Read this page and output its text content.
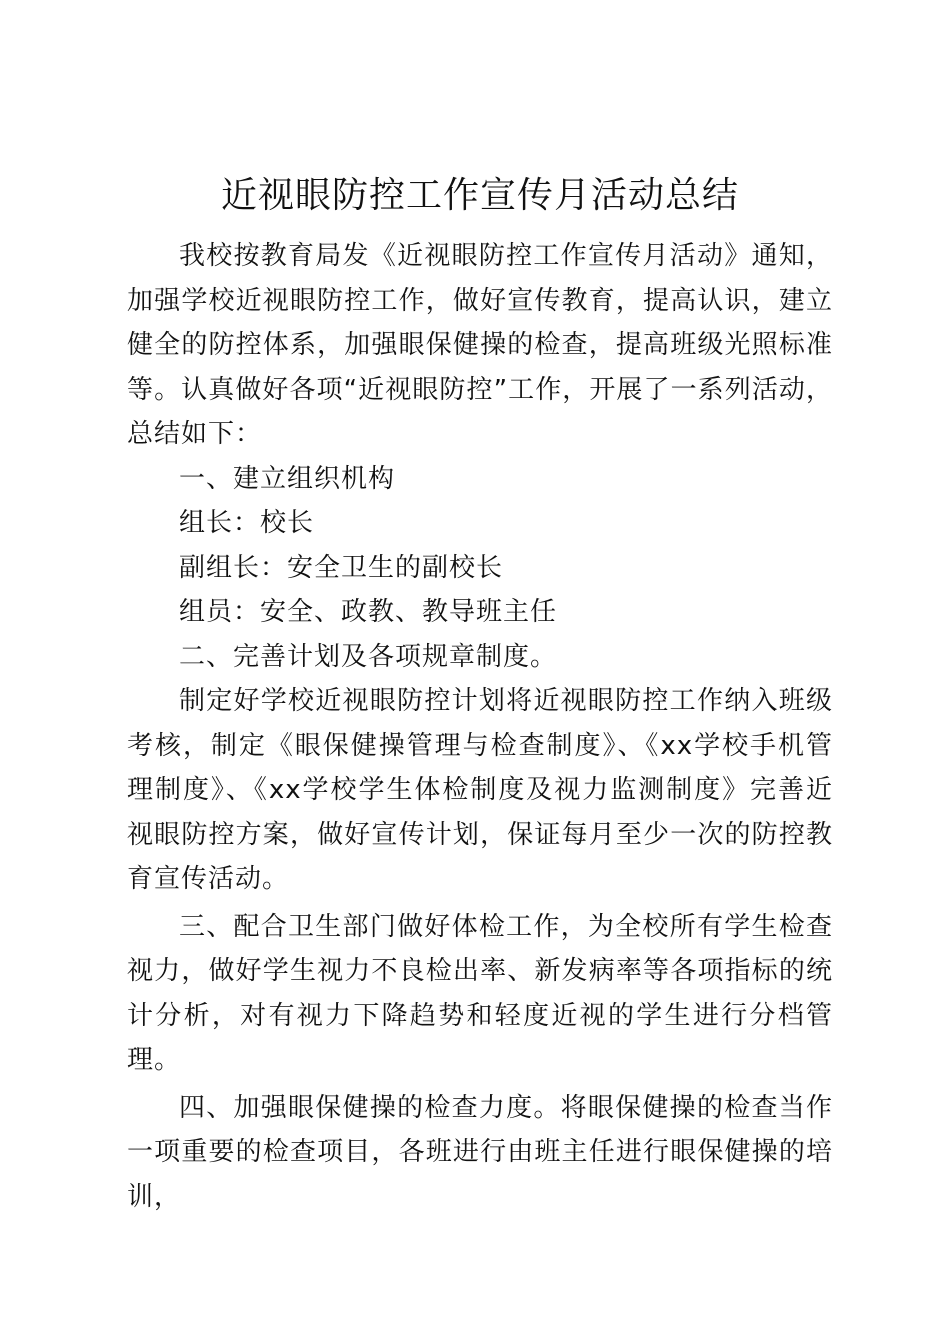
近视眼防控工作宣传月活动总结

我校按教育局发《近视眼防控工作宣传月活动》通知，加强学校近视眼防控工作，做好宣传教育，提高认识，建立健全的防控体系，加强眼保健操的检查，提高班级光照标准等。认真做好各项“近视眼防控”工作，开展了一系列活动，总结如下：

一、建立组织机构

组长：校长

副组长：安全卫生的副校长

组员：安全、政教、教导班主任

二、完善计划及各项规章制度。

制定好学校近视眼防控计划将近视眼防控工作纳入班级考核，制定《眼保健操管理与检查制度》、《xx学校手机管理制度》、《xx学校学生体检制度及视力监测制度》完善近视眼防控方案，做好宣传计划，保证每月至少一次的防控教育宣传活动。

三、配合卫生部门做好体检工作，为全校所有学生检查视力，做好学生视力不良检出率、新发病率等各项指标的统计分析，对有视力下降趋势和轻度近视的学生进行分档管理。

四、加强眼保健操的检查力度。将眼保健操的检查当作一项重要的检查项目，各班进行由班主任进行眼保健操的培训，
